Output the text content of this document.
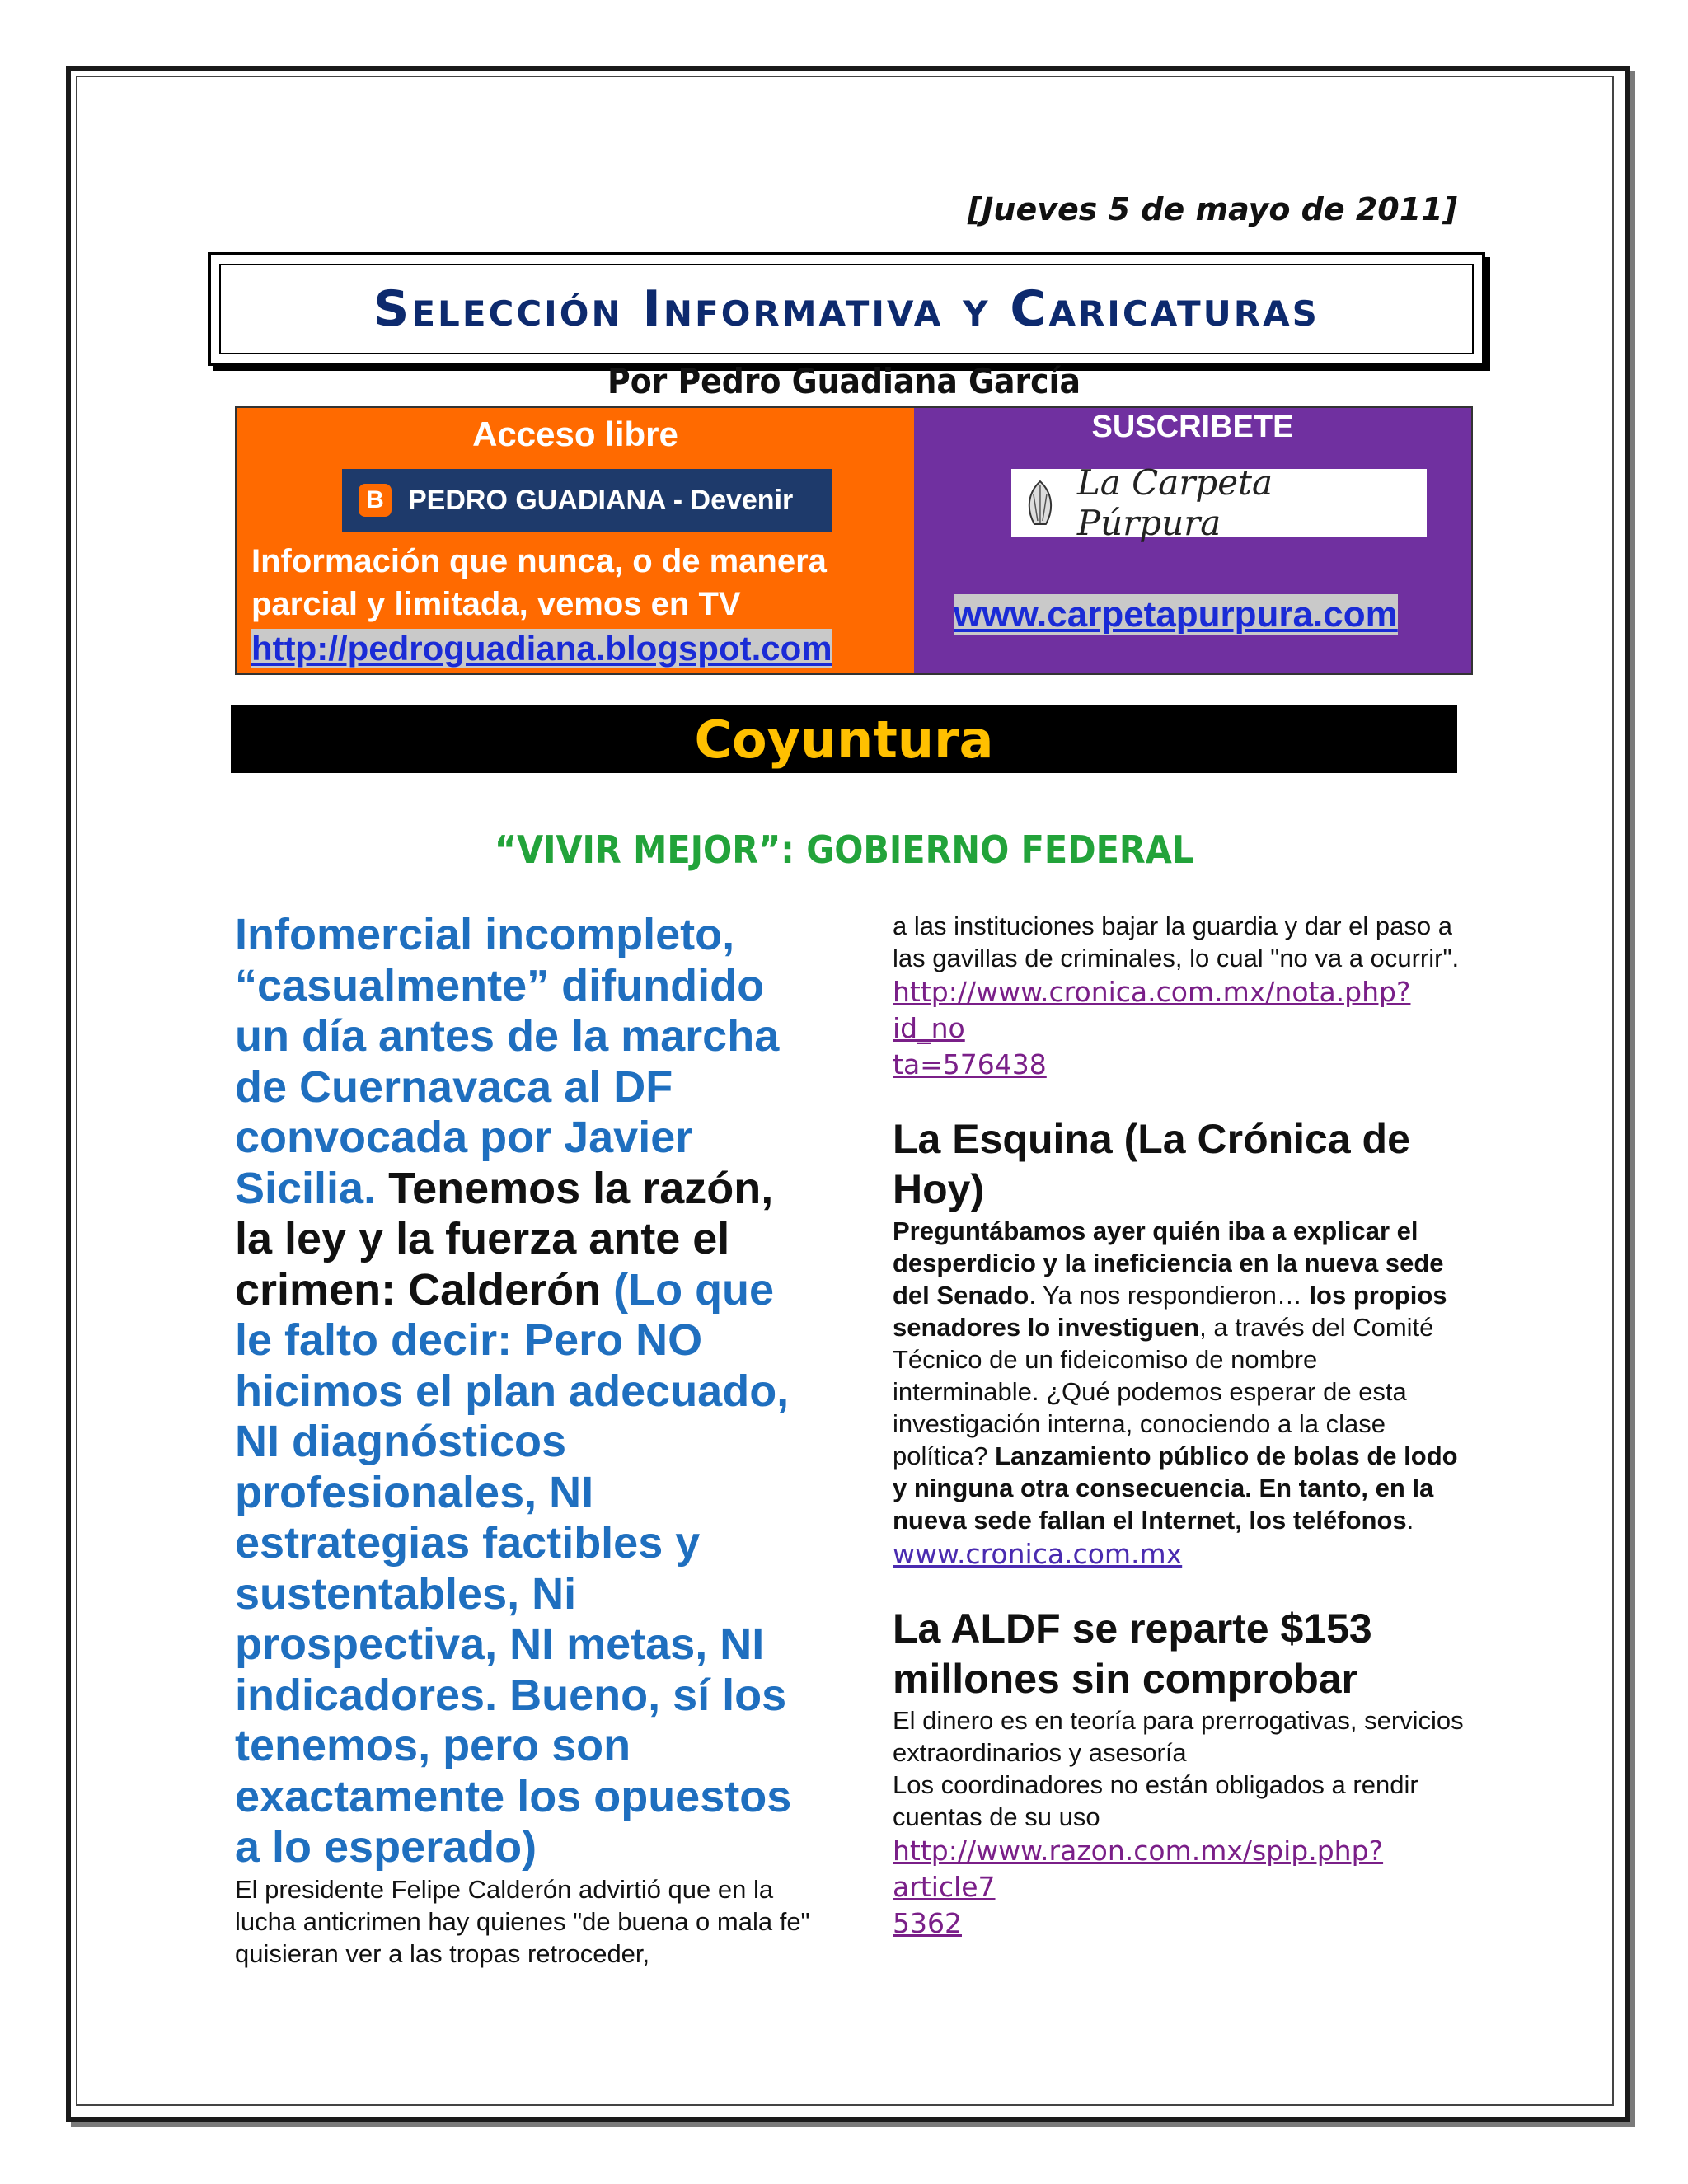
[Jueves 5 de mayo de 2011]
Selección Informativa y Caricaturas
Por Pedro Guadiana García
Acceso libre
B PEDRO GUADIANA - Devenir
Información que nunca, o de manera
parcial y limitada, vemos en TV
http://pedroguadiana.blogspot.com
SUSCRIBETE
La Carpeta Púrpura
www.carpetapurpura.com
Coyuntura
“VIVIR MEJOR”: GOBIERNO FEDERAL
Infomercial incompleto, “casualmente” difundido un día antes de la marcha de Cuernavaca al DF convocada por Javier Sicilia. Tenemos la razón, la ley y la fuerza ante el crimen: Calderón (Lo que le falto decir: Pero NO hicimos el plan adecuado, NI diagnósticos profesionales, NI estrategias factibles y sustentables, Ni prospectiva, NI metas, NI indicadores. Bueno, sí los tenemos, pero son exactamente los opuestos a lo esperado)
El presidente Felipe Calderón advirtió que en la lucha anticrimen hay quienes "de buena o mala fe" quisieran ver a las tropas retroceder,
a las instituciones bajar la guardia y dar el paso a las gavillas de criminales, lo cual "no va a ocurrir".
http://www.cronica.com.mx/nota.php?id_no
ta=576438
La Esquina (La Crónica de Hoy)
Preguntábamos ayer quién iba a explicar el desperdicio y la ineficiencia en la nueva sede del Senado. Ya nos respondieron… los propios senadores lo investiguen, a través del Comité Técnico de un fideicomiso de nombre interminable. ¿Qué podemos esperar de esta investigación interna, conociendo a la clase política? Lanzamiento público de bolas de lodo y ninguna otra consecuencia. En tanto, en la nueva sede fallan el Internet, los teléfonos.
www.cronica.com.mx
La ALDF se reparte $153 millones sin comprobar
El dinero es en teoría para prerrogativas, servicios extraordinarios y asesoría
Los coordinadores no están obligados a rendir cuentas de su uso
http://www.razon.com.mx/spip.php?article7
5362
